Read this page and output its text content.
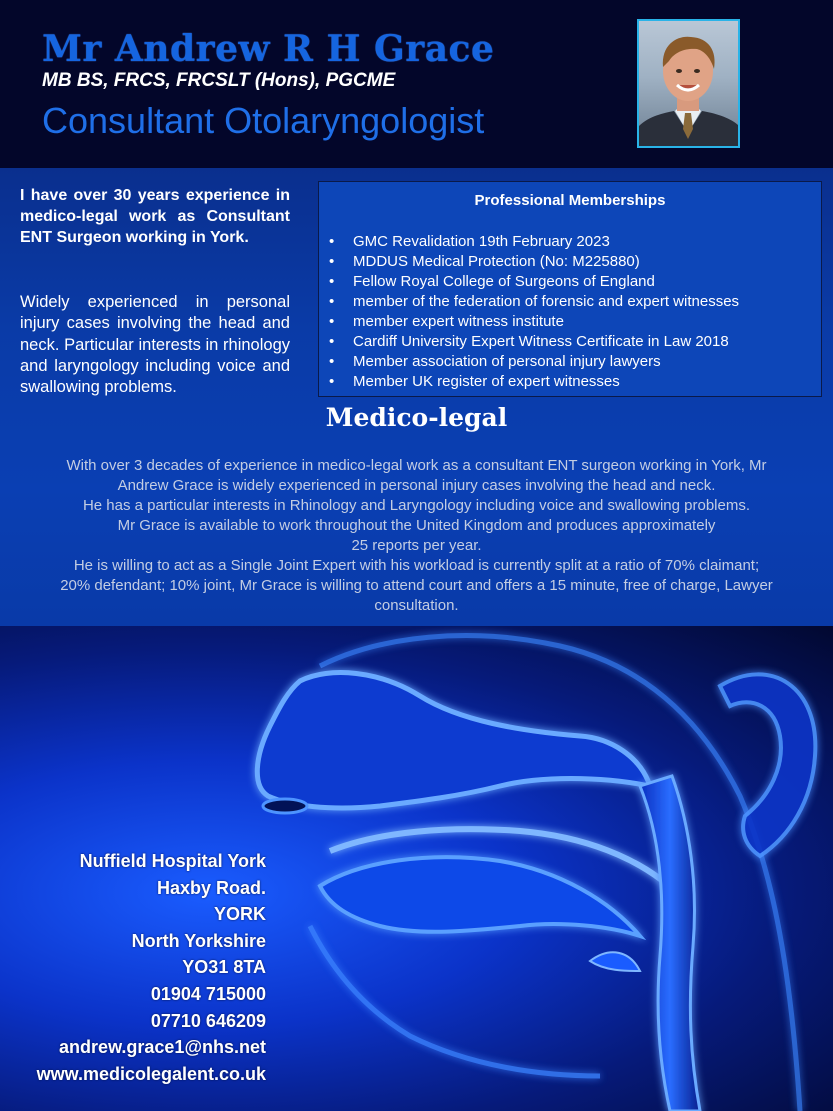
Mr Andrew R H Grace

MB BS, FRCS, FRCSLT (Hons), PGCME

Consultant Otolaryngologist

I have over 30 years experience in medico-legal work as Consultant ENT Surgeon working in York.

Widely experienced in personal injury cases involving the head and neck. Particular interests in rhinology and laryngology including voice and swallowing problems.

Professional Memberships
• GMC Revalidation 19th February 2023
• MDDUS Medical Protection (No: M225880)
• Fellow Royal College of Surgeons of England
• member of the federation of forensic and expert witnesses
• member expert witness institute
• Cardiff University Expert Witness Certificate in Law 2018
• Member association of personal injury lawyers
• Member UK register of expert witnesses
Medico-legal

With over 3 decades of experience in medico-legal work as a consultant ENT surgeon working in York, Mr
Andrew Grace is widely experienced in personal injury cases involving the head and neck.
He has a particular interests in Rhinology and Laryngology including voice and swallowing problems.
Mr Grace is available to work throughout the United Kingdom and produces approximately
25 reports per year.
He is willing to act as a Single Joint Expert with his workload is currently split at a ratio of 70% claimant;
20% defendant; 10% joint, Mr Grace is willing to attend court and offers a 15 minute, free of charge, Lawyer
consultation.

Nuffield Hospital York
Haxby Road.
YORK
North Yorkshire
YO31 8TA
01904 715000
07710 646209
andrew.grace1@nhs.net
www.medicolegalent.co.uk
